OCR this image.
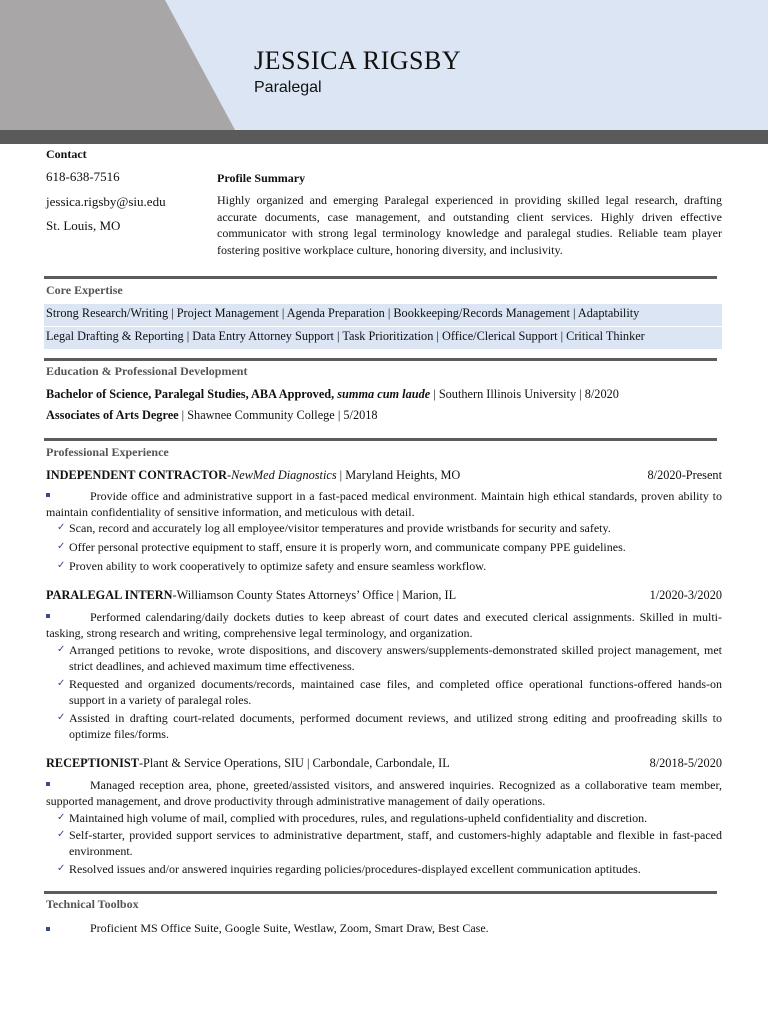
JESSICA RIGSBY
Paralegal
Contact
618-638-7516
jessica.rigsby@siu.edu
St. Louis, MO
Profile Summary
Highly organized and emerging Paralegal experienced in providing skilled legal research, drafting accurate documents, case management, and outstanding client services. Highly driven effective communicator with strong legal terminology knowledge and paralegal studies. Reliable team player fostering positive workplace culture, honoring diversity, and inclusivity.
Core Expertise
Strong Research/Writing | Project Management | Agenda Preparation | Bookkeeping/Records Management | Adaptability
Legal Drafting & Reporting | Data Entry Attorney Support | Task Prioritization | Office/Clerical Support | Critical Thinker
Education & Professional Development
Bachelor of Science, Paralegal Studies, ABA Approved, summa cum laude | Southern Illinois University | 8/2020
Associates of Arts Degree | Shawnee Community College | 5/2018
Professional Experience
INDEPENDENT CONTRACTOR-NewMed Diagnostics | Maryland Heights, MO	8/2020-Present
Provide office and administrative support in a fast-paced medical environment. Maintain high ethical standards, proven ability to maintain confidentiality of sensitive information, and meticulous with detail.
✓ Scan, record and accurately log all employee/visitor temperatures and provide wristbands for security and safety.
✓ Offer personal protective equipment to staff, ensure it is properly worn, and communicate company PPE guidelines.
✓ Proven ability to work cooperatively to optimize safety and ensure seamless workflow.
PARALEGAL INTERN-Williamson County States Attorneys’ Office | Marion, IL	1/2020-3/2020
Performed calendaring/daily dockets duties to keep abreast of court dates and executed clerical assignments. Skilled in multi-tasking, strong research and writing, comprehensive legal terminology, and organization.
✓ Arranged petitions to revoke, wrote dispositions, and discovery answers/supplements-demonstrated skilled project management, met strict deadlines, and achieved maximum time effectiveness.
✓ Requested and organized documents/records, maintained case files, and completed office operational functions-offered hands-on support in a variety of paralegal roles.
✓ Assisted in drafting court-related documents, performed document reviews, and utilized strong editing and proofreading skills to optimize files/forms.
RECEPTIONIST-Plant & Service Operations, SIU | Carbondale, Carbondale, IL	8/2018-5/2020
Managed reception area, phone, greeted/assisted visitors, and answered inquiries. Recognized as a collaborative team member, supported management, and drove productivity through administrative management of daily operations.
✓ Maintained high volume of mail, complied with procedures, rules, and regulations-upheld confidentiality and discretion.
✓ Self-starter, provided support services to administrative department, staff, and customers-highly adaptable and flexible in fast-paced environment.
✓ Resolved issues and/or answered inquiries regarding policies/procedures-displayed excellent communication aptitudes.
Technical Toolbox
Proficient MS Office Suite, Google Suite, Westlaw, Zoom, Smart Draw, Best Case.
